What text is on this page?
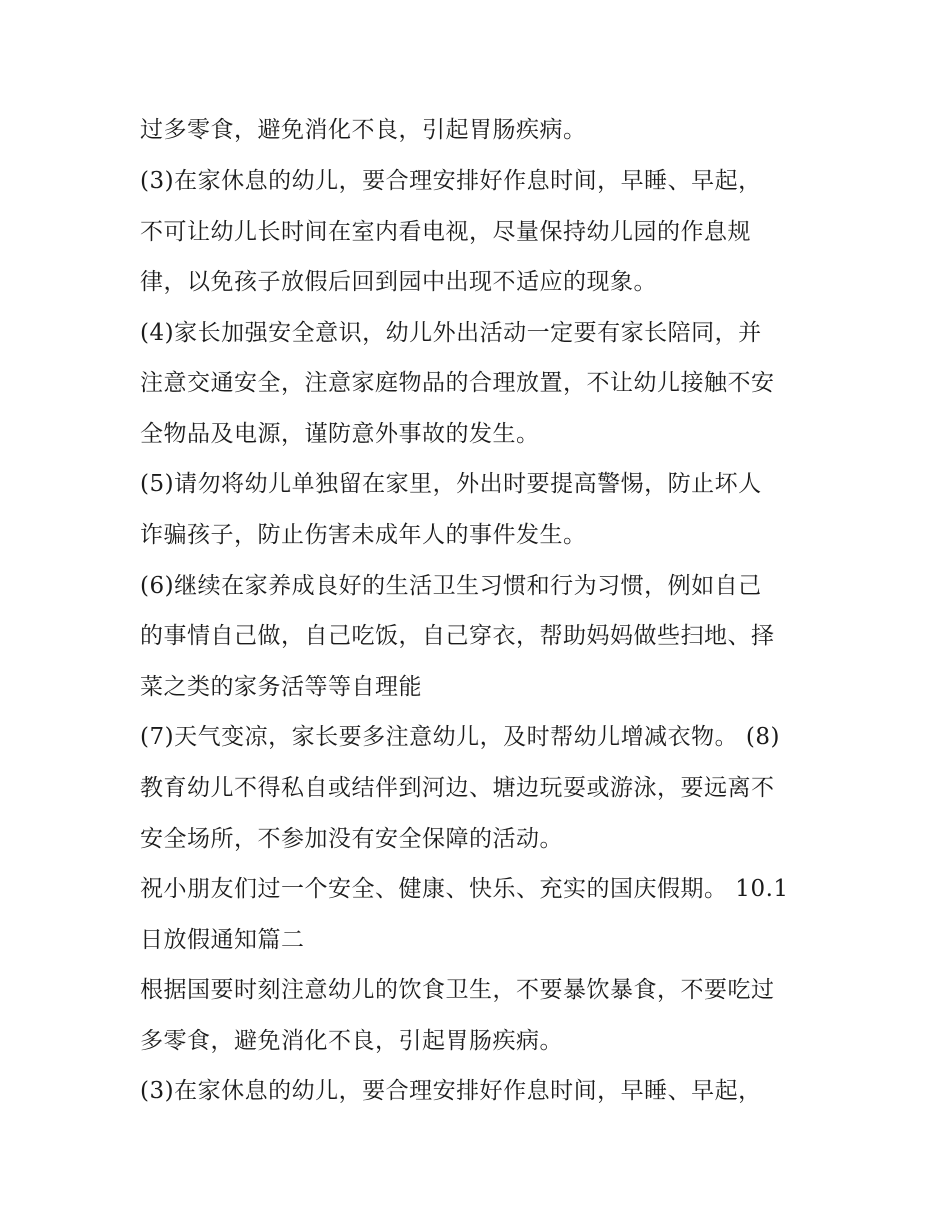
过多零食，避免消化不良，引起胃肠疾病。
(3)在家休息的幼儿，要合理安排好作息时间，早睡、早起，
不可让幼儿长时间在室内看电视，尽量保持幼儿园的作息规
律，以免孩子放假后回到园中出现不适应的现象。
(4)家长加强安全意识，幼儿外出活动一定要有家长陪同，并
注意交通安全，注意家庭物品的合理放置，不让幼儿接触不安
全物品及电源，谨防意外事故的发生。
(5)请勿将幼儿单独留在家里，外出时要提高警惕，防止坏人
诈骗孩子，防止伤害未成年人的事件发生。
(6)继续在家养成良好的生活卫生习惯和行为习惯，例如自己
的事情自己做，自己吃饭，自己穿衣，帮助妈妈做些扫地、择
菜之类的家务活等等自理能
(7)天气变凉，家长要多注意幼儿，及时帮幼儿增减衣物。 (8)
教育幼儿不得私自或结伴到河边、塘边玩耍或游泳，要远离不
安全场所，不参加没有安全保障的活动。
祝小朋友们过一个安全、健康、快乐、充实的国庆假期。 10.1
日放假通知篇二
根据国要时刻注意幼儿的饮食卫生，不要暴饮暴食，不要吃过
多零食，避免消化不良，引起胃肠疾病。
(3)在家休息的幼儿，要合理安排好作息时间，早睡、早起，
